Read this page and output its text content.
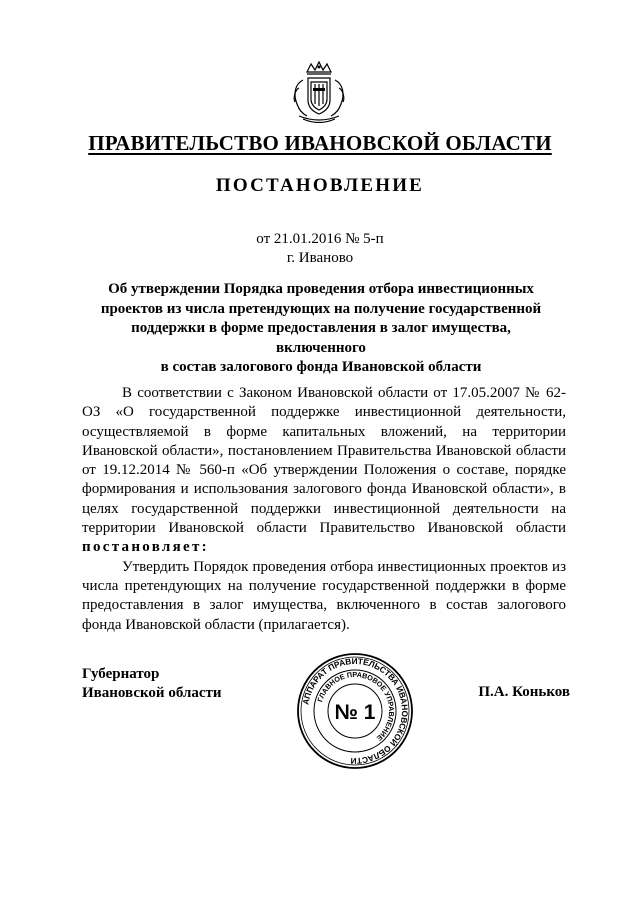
ПРАВИТЕЛЬСТВО ИВАНОВСКОЙ ОБЛАСТИ
ПОСТАНОВЛЕНИЕ
от 21.01.2016 № 5-п
г. Иваново
Об утверждении Порядка проведения отбора инвестиционных
проектов из числа претендующих на получение государственной
поддержки в форме предоставления в залог имущества, включенного
в состав залогового фонда Ивановской области

В соответствии с Законом Ивановской области от 17.05.2007 № 62-ОЗ «О государственной поддержке инвестиционной деятельности, осуществляемой в форме капитальных вложений, на территории Ивановской области», постановлением Правительства Ивановской области от 19.12.2014 № 560-п «Об утверждении Положения о составе, порядке формирования и использования залогового фонда Ивановской области», в целях государственной поддержки инвестиционной деятельности на территории Ивановской области Правительство Ивановской области постановляет:

Утвердить Порядок проведения отбора инвестиционных проектов из числа претендующих на получение государственной поддержки в форме предоставления в залог имущества, включенного в состав залогового фонда Ивановской области (прилагается).

Губернатор
Ивановской области
АППАРАТ ПРАВИТЕЛЬСТВА ИВАНОВСКОЙ ОБЛАСТИ
ГЛАВНОЕ ПРАВОВОЕ УПРАВЛЕНИЕ
№ 1
П.А. Коньков
